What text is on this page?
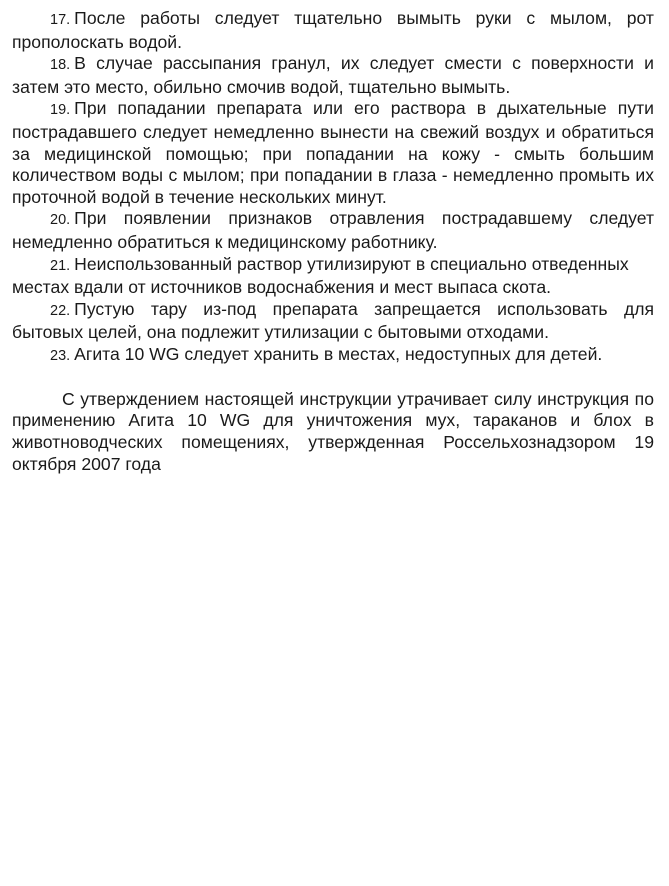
17. После работы следует тщательно вымыть руки с мылом, рот прополоскать водой.

18. В случае рассыпания гранул, их следует смести с поверхности и затем это место, обильно смочив водой, тщательно вымыть.

19. При попадании препарата или его раствора в дыхательные пути пострадавшего следует немедленно вынести на свежий воздух и обратиться за медицинской помощью; при попадании на кожу - смыть большим количеством воды с мылом; при попадании в глаза - немедленно промыть их проточной водой в течение нескольких минут.

20. При появлении признаков отравления пострадавшему следует немедленно обратиться к медицинскому работнику.

21. Неиспользованный раствор утилизируют в специально отведенных местах вдали от источников водоснабжения и мест выпаса скота.

22. Пустую тару из-под препарата запрещается использовать для бытовых целей, она подлежит утилизации с бытовыми отходами.

23. Агита 10 WG следует хранить в местах, недоступных для детей.

С утверждением настоящей инструкции утрачивает силу инструкция по применению Агита 10 WG для уничтожения мух, тараканов и блох в животноводческих помещениях, утвержденная Россельхознадзором 19 октября 2007 года
